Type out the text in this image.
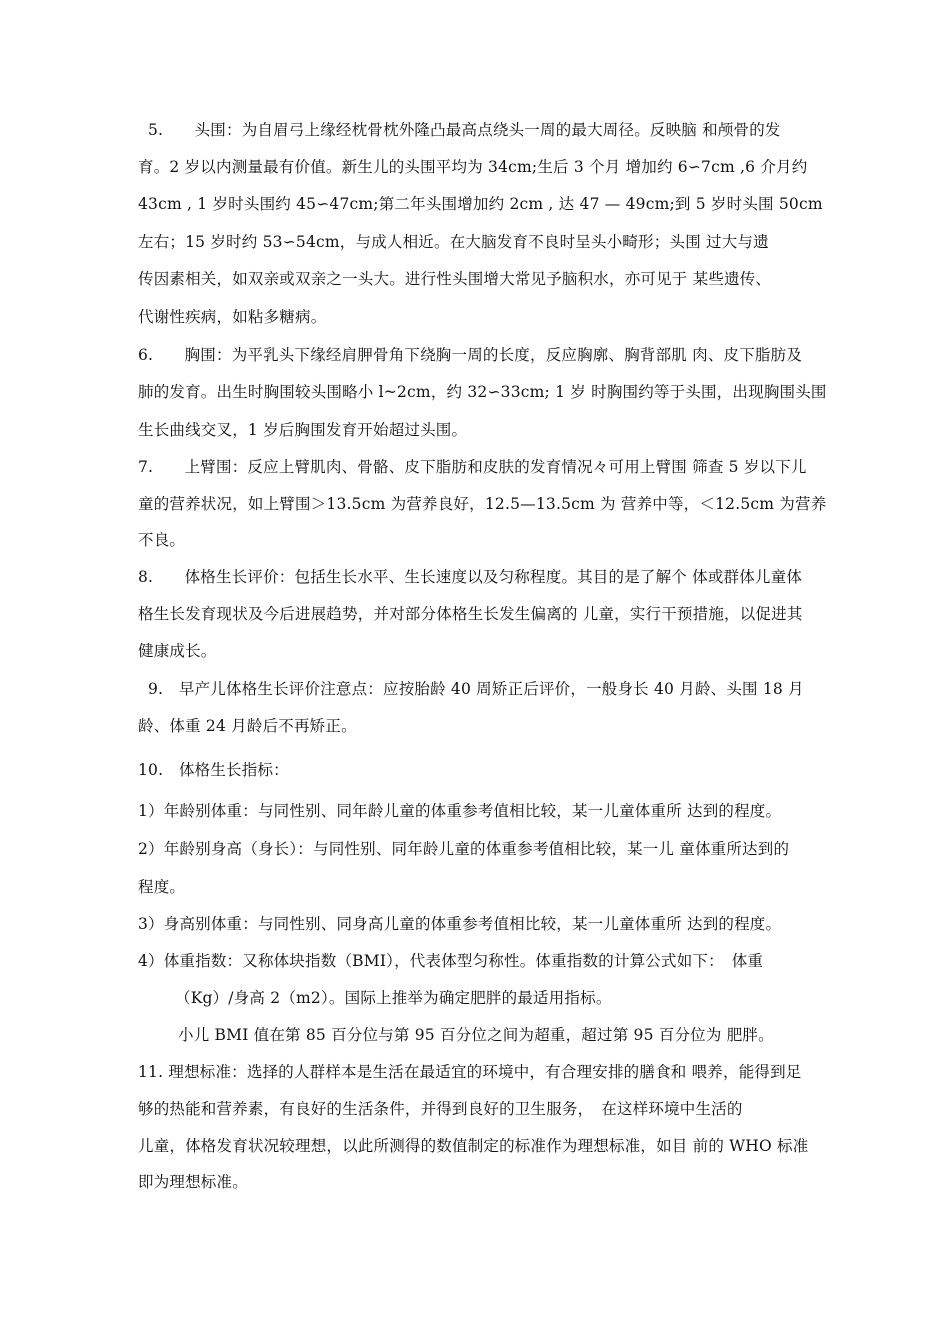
5.　　头围：为自眉弓上缘经枕骨枕外隆凸最高点绕头一周的最大周径。反映脑 和颅骨的发
育。2 岁以内测量最有价值。新生儿的头围平均为 34cm;生后 3 个月 增加约 6∽7cm ,6 介月约
43cm , 1 岁时头围约 45∽47cm;第二年头围增加约 2cm , 达 47 — 49cm;到 5 岁时头围 50cm
左右；15 岁时约 53∽54cm，与成人相近。在大脑发育不良时呈头小畸形；头围 过大与遗
传因素相关，如双亲或双亲之一头大。进行性头围增大常见予脑积水，亦可见于 某些遗传、
代谢性疾病，如粘多糖病。
6.　　胸围：为平乳头下缘经肩胛骨角下绕胸一周的长度，反应胸廓、胸背部肌 肉、皮下脂肪及
肺的发育。出生时胸围较头围略小 l~2cm，约 32∽33cm; 1 岁 时胸围约等于头围，出现胸围头围
生长曲线交叉，1 岁后胸围发育开始超过头围。
7.　　上臂围：反应上臂肌肉、骨骼、皮下脂肪和皮肤的发育情况々可用上臂围 筛查 5 岁以下儿
童的营养状况，如上臂围＞13.5cm 为营养良好，12.5—13.5cm 为 营养中等，＜12.5cm 为营养
不良。
8.　　体格生长评价：包括生长水平、生长速度以及匀称程度。其目的是了解个 体或群体儿童体
格生长发育现状及今后进展趋势，并对部分体格生长发生偏离的 儿童，实行干预措施，以促进其
健康成长。
9.　早产儿体格生长评价注意点：应按胎龄 40 周矫正后评价，一般身长 40 月龄、头围 18 月
龄、体重 24 月龄后不再矫正。
10.　体格生长指标：
1）年龄别体重：与同性别、同年龄儿童的体重参考值相比较，某一儿童体重所 达到的程度。
2）年龄别身高（身长）：与同性别、同年龄儿童的体重参考值相比较，某一儿 童体重所达到的
程度。
3）身高别体重：与同性别、同身高儿童的体重参考值相比较，某一儿童体重所 达到的程度。
4）体重指数：又称体块指数（BMI），代表体型匀称性。体重指数的计算公式如下：　体重
（Kg）/身高 2（m2）。国际上推举为确定肥胖的最适用指标。
小儿 BMI 值在第 85 百分位与第 95 百分位之间为超重，超过第 95 百分位为 肥胖。
11. 理想标准：选择的人群样本是生活在最适宜的环境中，有合理安排的膳食和 喂养，能得到足
够的热能和营养素，有良好的生活条件，并得到良好的卫生服务，　在这样环境中生活的
儿童，体格发育状况较理想，以此所测得的数值制定的标准作为理想标准，如目 前的 WHO 标准
即为理想标准。
